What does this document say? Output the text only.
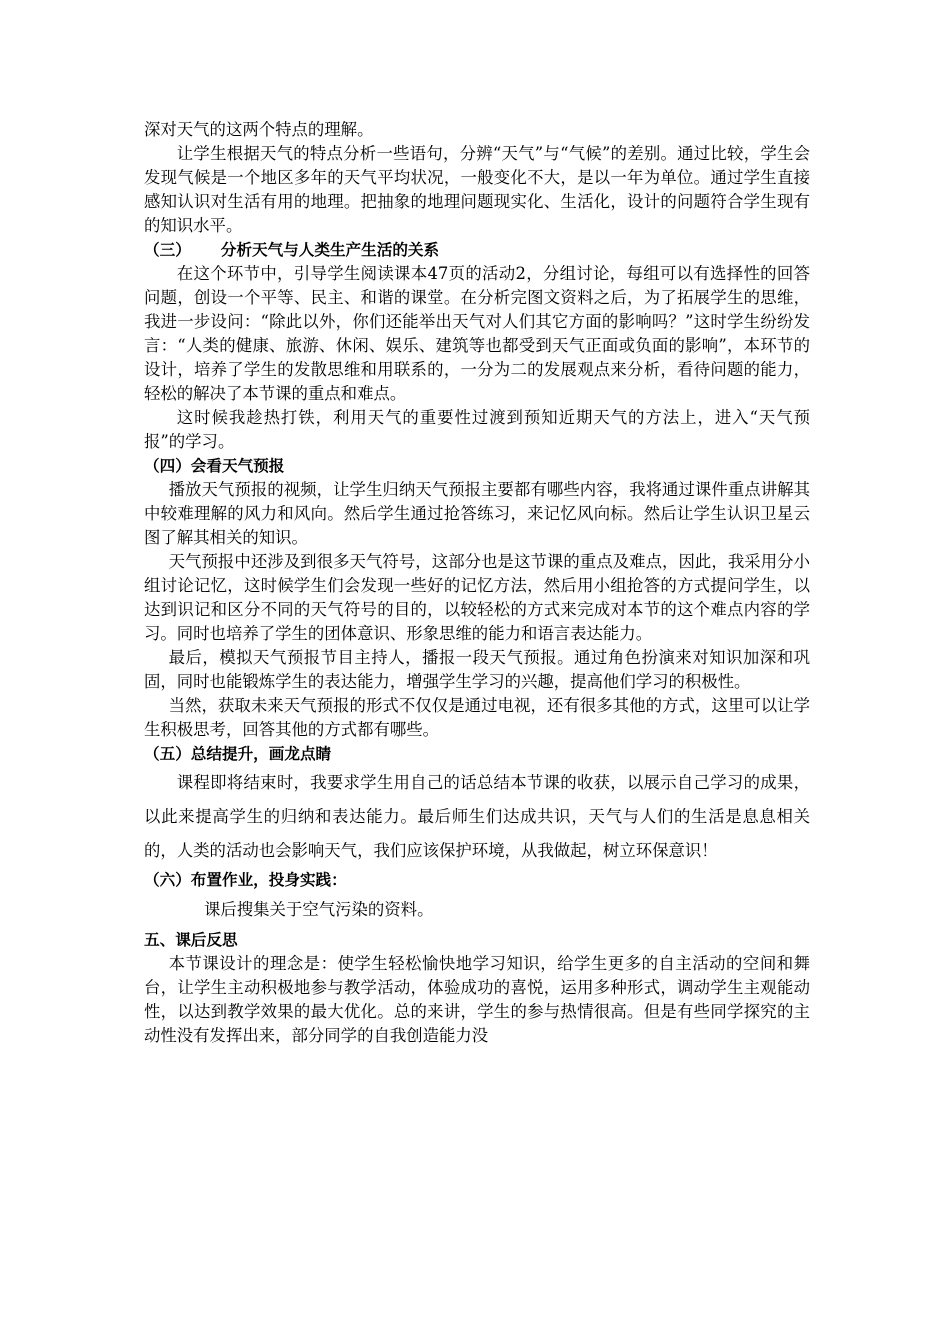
深对天气的这两个特点的理解。

让学生根据天气的特点分析一些语句，分辨“天气”与“气候”的差别。通过比较，学生会发现气候是一个地区多年的天气平均状况，一般变化不大，是以一年为单位。通过学生直接感知认识对生活有用的地理。把抽象的地理问题现实化、生活化，设计的问题符合学生现有的知识水平。

（三） 分析天气与人类生产生活的关系

在这个环节中，引导学生阅读课本47页的活动2，分组讨论，每组可以有选择性的回答问题，创设一个平等、民主、和谐的课堂。在分析完图文资料之后，为了拓展学生的思维，我进一步设问：“除此以外，你们还能举出天气对人们其它方面的影响吗？”这时学生纷纷发言：“人类的健康、旅游、休闲、娱乐、建筑等也都受到天气正面或负面的影响”，本环节的设计，培养了学生的发散思维和用联系的，一分为二的发展观点来分析，看待问题的能力，轻松的解决了本节课的重点和难点。

这时候我趁热打铁，利用天气的重要性过渡到预知近期天气的方法上，进入“天气预报”的学习。

（四）会看天气预报

播放天气预报的视频，让学生归纳天气预报主要都有哪些内容，我将通过课件重点讲解其中较难理解的风力和风向。然后学生通过抢答练习，来记忆风向标。然后让学生认识卫星云图了解其相关的知识。

天气预报中还涉及到很多天气符号，这部分也是这节课的重点及难点，因此，我采用分小组讨论记忆，这时候学生们会发现一些好的记忆方法，然后用小组抢答的方式提问学生，以达到识记和区分不同的天气符号的目的，以较轻松的方式来完成对本节的这个难点内容的学习。同时也培养了学生的团体意识、形象思维的能力和语言表达能力。

最后，模拟天气预报节目主持人，播报一段天气预报。通过角色扮演来对知识加深和巩固，同时也能锻炼学生的表达能力，增强学生学习的兴趣，提高他们学习的积极性。

当然，获取未来天气预报的形式不仅仅是通过电视，还有很多其他的方式，这里可以让学生积极思考，回答其他的方式都有哪些。

（五）总结提升，画龙点睛

课程即将结束时，我要求学生用自己的话总结本节课的收获，以展示自己学习的成果，以此来提高学生的归纳和表达能力。最后师生们达成共识，天气与人们的生活是息息相关的，人类的活动也会影响天气，我们应该保护环境，从我做起，树立环保意识！

（六）布置作业，投身实践：

课后搜集关于空气污染的资料。

五、课后反思

本节课设计的理念是：使学生轻松愉快地学习知识，给学生更多的自主活动的空间和舞台，让学生主动积极地参与教学活动，体验成功的喜悦，运用多种形式，调动学生主观能动性，以达到教学效果的最大优化。总的来讲，学生的参与热情很高。但是有些同学探究的主动性没有发挥出来，部分同学的自我创造能力没
